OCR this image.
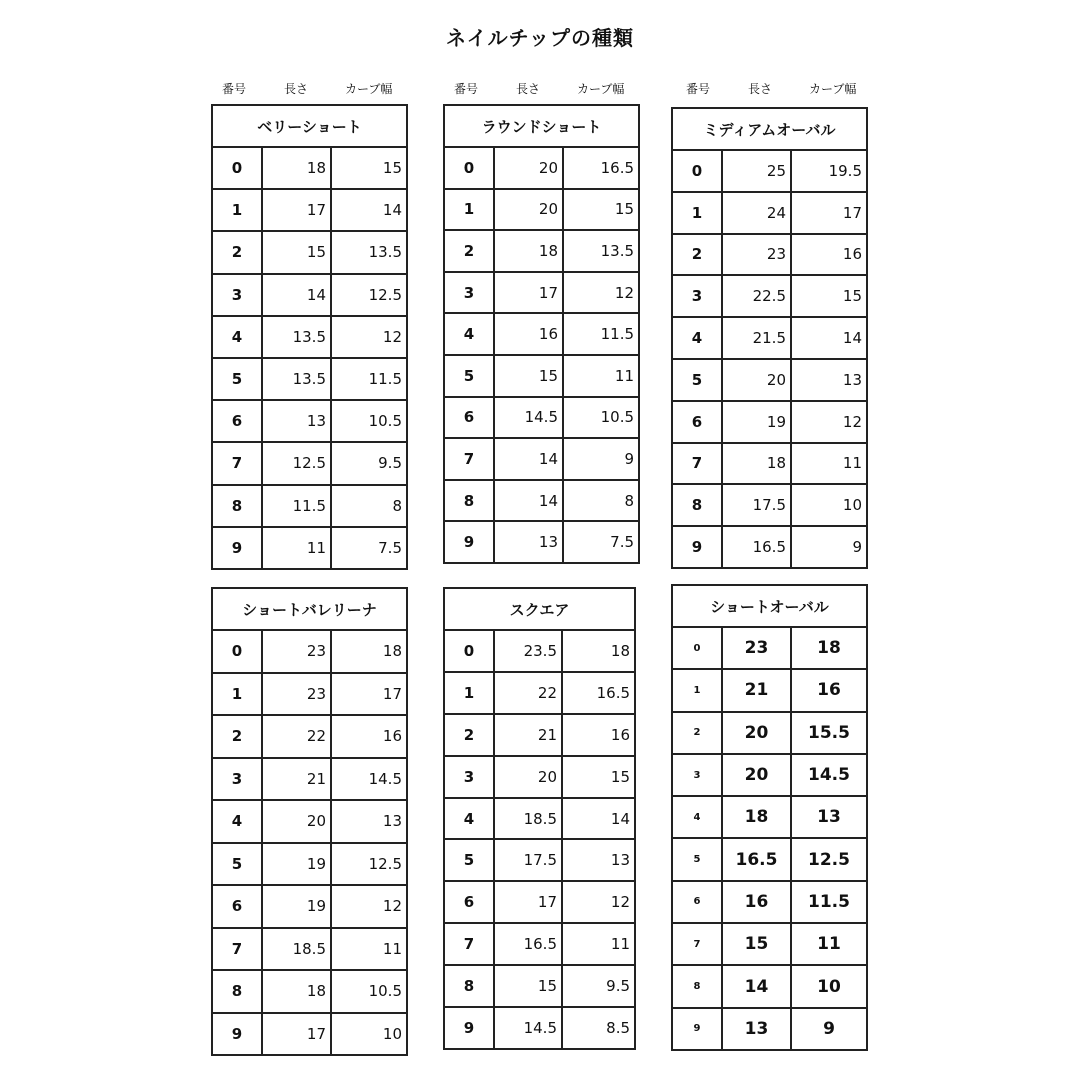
ネイルチップの種類
番号	長さ	カーブ幅	番号	長さ	カーブ幅	番号	長さ	カーブ幅
ベリーショート		
0	18	15
1	17	14
2	15	13.5
3	14	12.5
4	13.5	12
5	13.5	11.5
6	13	10.5
7	12.5	9.5
8	11.5	8
9	11	7.5
ラウンドショート		
0	20	16.5
1	20	15
2	18	13.5
3	17	12
4	16	11.5
5	15	11
6	14.5	10.5
7	14	9
8	14	8
9	13	7.5
ミディアムオーバル		
0	25	19.5
1	24	17
2	23	16
3	22.5	15
4	21.5	14
5	20	13
6	19	12
7	18	11
8	17.5	10
9	16.5	9
ショートバレリーナ		
0	23	18
1	23	17
2	22	16
3	21	14.5
4	20	13
5	19	12.5
6	19	12
7	18.5	11
8	18	10.5
9	17	10
スクエア		
0	23.5	18
1	22	16.5
2	21	16
3	20	15
4	18.5	14
5	17.5	13
6	17	12
7	16.5	11
8	15	9.5
9	14.5	8.5
ショートオーバル		
0	23	18
1	21	16
2	20	15.5
3	20	14.5
4	18	13
5	16.5	12.5
6	16	11.5
7	15	11
8	14	10
9	13	9
